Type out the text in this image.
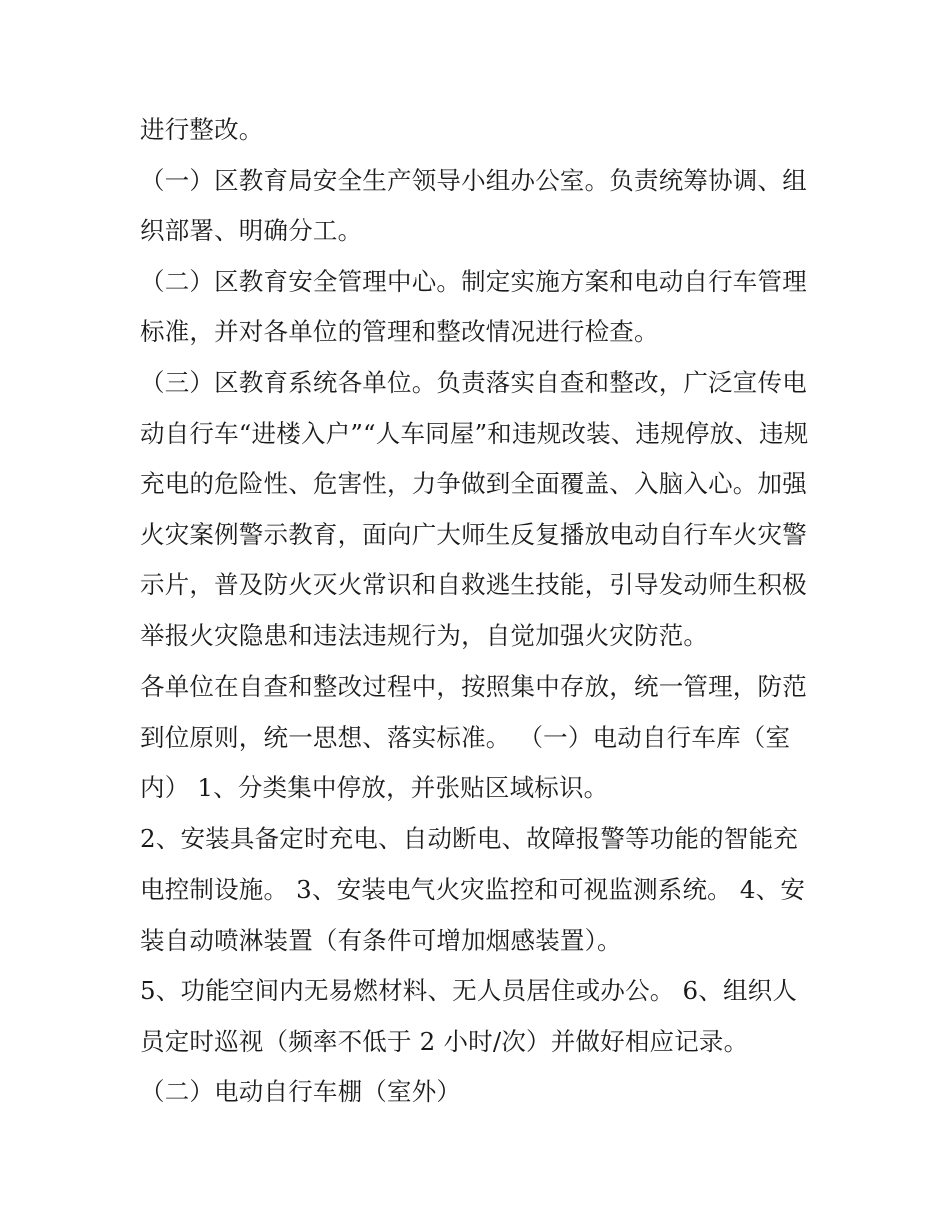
进行整改。
（一）区教育局安全生产领导小组办公室。负责统筹协调、组
织部署、明确分工。
（二）区教育安全管理中心。制定实施方案和电动自行车管理
标准，并对各单位的管理和整改情况进行检查。
（三）区教育系统各单位。负责落实自查和整改，广泛宣传电
动自行车“进楼入户”“人车同屋”和违规改装、违规停放、违规
充电的危险性、危害性，力争做到全面覆盖、入脑入心。加强
火灾案例警示教育，面向广大师生反复播放电动自行车火灾警
示片，普及防火灭火常识和自救逃生技能，引导发动师生积极
举报火灾隐患和违法违规行为，自觉加强火灾防范。
各单位在自查和整改过程中，按照集中存放，统一管理，防范
到位原则，统一思想、落实标准。 （一）电动自行车库（室
内） 1、分类集中停放，并张贴区域标识。
2、安装具备定时充电、自动断电、故障报警等功能的智能充
电控制设施。 3、安装电气火灾监控和可视监测系统。 4、安
装自动喷淋装置（有条件可增加烟感装置）。
5、功能空间内无易燃材料、无人员居住或办公。 6、组织人
员定时巡视（频率不低于 2 小时/次）并做好相应记录。
（二）电动自行车棚（室外）
